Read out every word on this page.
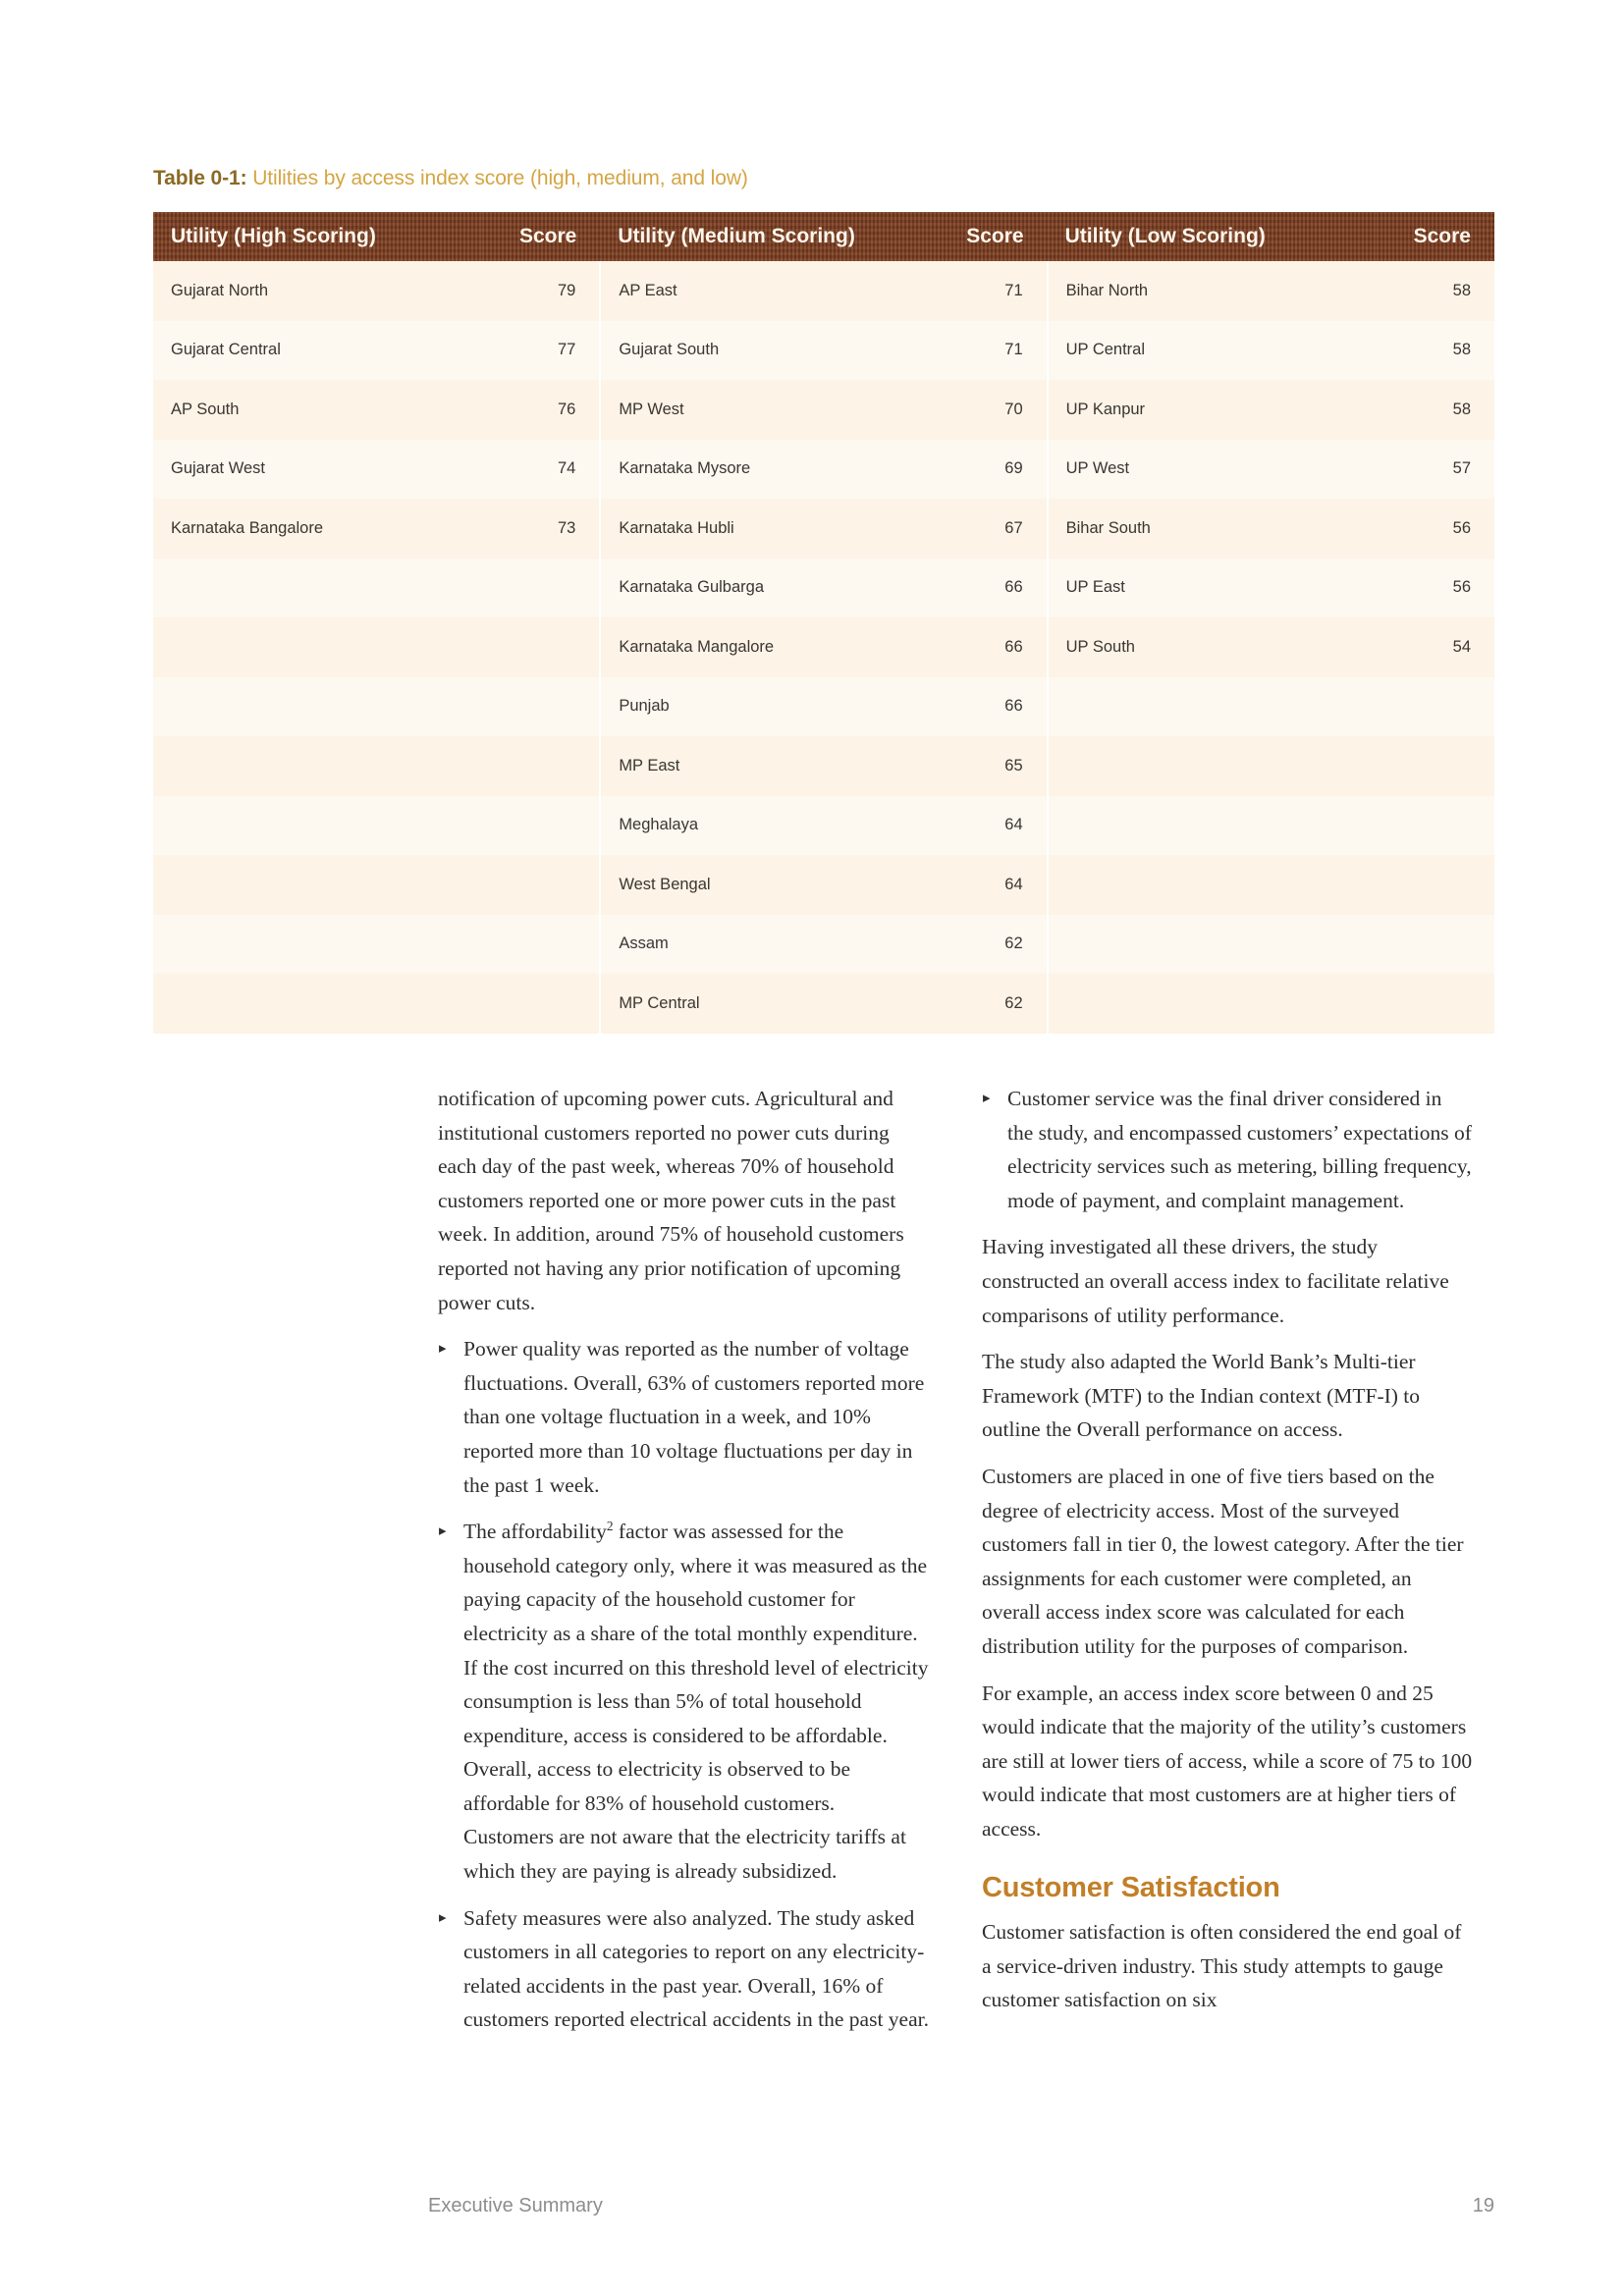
Table 0-1: Utilities by access index score (high, medium, and low)
Utility (High Scoring)	Score	Utility (Medium Scoring)	Score	Utility (Low Scoring)	Score
Gujarat North	79	AP East	71	Bihar North	58
Gujarat Central	77	Gujarat South	71	UP Central	58
AP South	76	MP West	70	UP Kanpur	58
Gujarat West	74	Karnataka Mysore	69	UP West	57
Karnataka Bangalore	73	Karnataka Hubli	67	Bihar South	56
		Karnataka Gulbarga	66	UP East	56
		Karnataka Mangalore	66	UP South	54
		Punjab	66		
		MP East	65		
		Meghalaya	64		
		West Bengal	64		
		Assam	62		
		MP Central	62		

notification of upcoming power cuts. Agricultural and institutional customers reported no power cuts during each day of the past week, whereas 70% of household customers reported one or more power cuts in the past week. In addition, around 75% of household customers reported not having any prior notification of upcoming power cuts.

▸ Power quality was reported as the number of voltage fluctuations. Overall, 63% of customers reported more than one voltage fluctuation in a week, and 10% reported more than 10 voltage fluctuations per day in the past 1 week.
▸ The affordability$^2$ factor was assessed for the household category only, where it was measured as the paying capacity of the household customer for electricity as a share of the total monthly expenditure. If the cost incurred on this threshold level of electricity consumption is less than 5% of total household expenditure, access is considered to be affordable. Overall, access to electricity is observed to be affordable for 83% of household customers. Customers are not aware that the electricity tariffs at which they are paying is already subsidized.
▸ Safety measures were also analyzed. The study asked customers in all categories to report on any electricity-related accidents in the past year. Overall, 16% of customers reported electrical accidents in the past year.
▸ Customer service was the final driver considered in the study, and encompassed customers’ expectations of electricity services such as metering, billing frequency, mode of payment, and complaint management.

Having investigated all these drivers, the study constructed an overall access index to facilitate relative comparisons of utility performance.

The study also adapted the World Bank’s Multi-tier Framework (MTF) to the Indian context (MTF-I) to outline the Overall performance on access.

Customers are placed in one of five tiers based on the degree of electricity access. Most of the surveyed customers fall in tier 0, the lowest category. After the tier assignments for each customer were completed, an overall access index score was calculated for each distribution utility for the purposes of comparison.

For example, an access index score between 0 and 25 would indicate that the majority of the utility’s customers are still at lower tiers of access, while a score of 75 to 100 would indicate that most customers are at higher tiers of access.

Customer Satisfaction

Customer satisfaction is often considered the end goal of a service-driven industry. This study attempts to gauge customer satisfaction on six

Executive Summary	19
